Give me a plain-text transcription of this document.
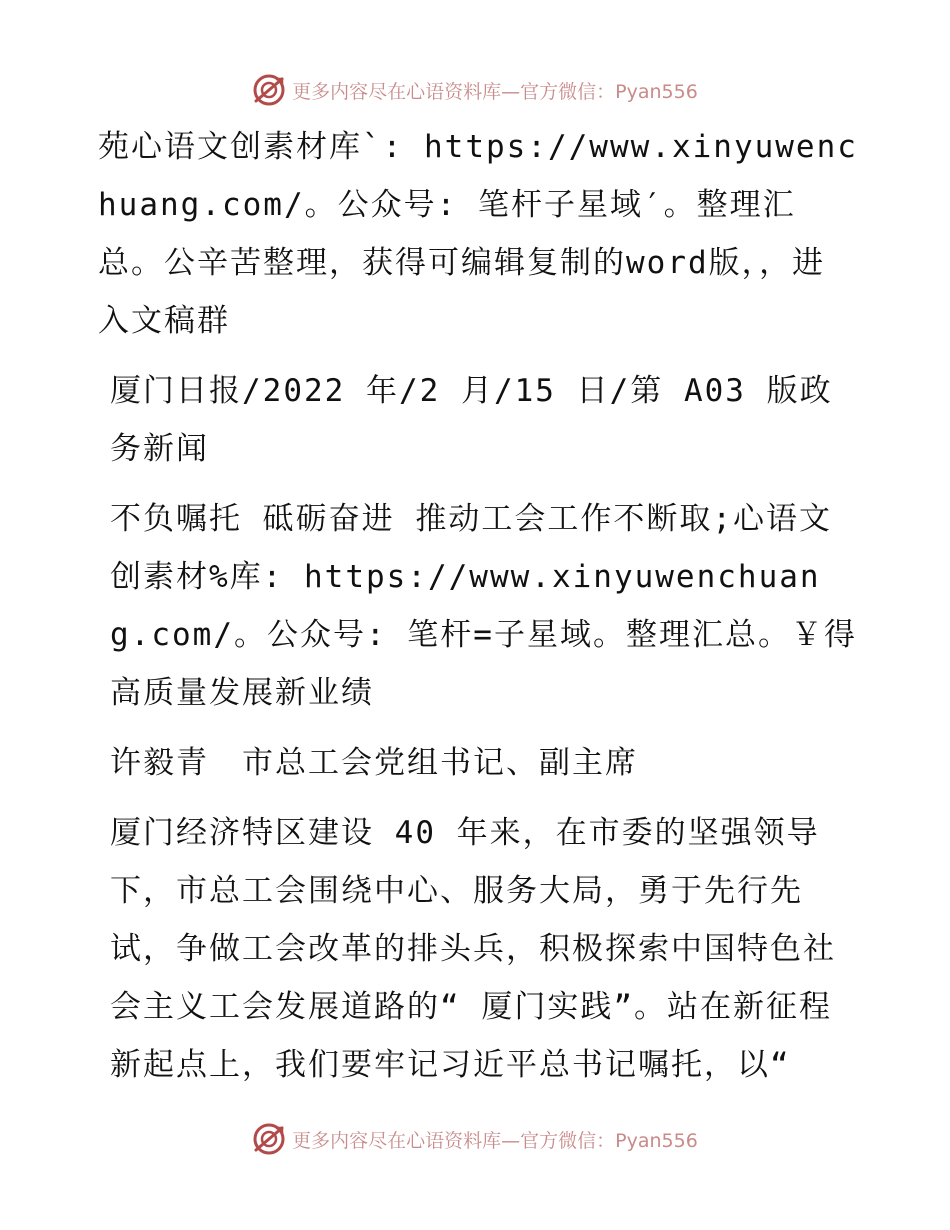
更多内容尽在心语资料库—官方微信：Pyan556

苑心语文创素材库`: https://www.xinyuwenchuang.com/。公众号: 笔杆子星域′。整理汇总。公辛苦整理，获得可编辑复制的word版，，进入文稿群

厦门日报/2022 年/2 月/15 日/第 A03 版政务新闻

不负嘱托 砥砺奋进 推动工会工作不断取;心语文创素材%库: https://www.xinyuwenchuang.com/。公众号: 笔杆=子星域。整理汇总。￥得高质量发展新业绩

许毅青　市总工会党组书记、副主席

厦门经济特区建设 40 年来，在市委的坚强领导下，市总工会围绕中心、服务大局，勇于先行先试，争做工会改革的排头兵，积极探索中国特色社会主义工会发展道路的“ 厦门实践”。站在新征程新起点上，我们要牢记习近平总书记嘱托，以“

更多内容尽在心语资料库—官方微信：Pyan556
